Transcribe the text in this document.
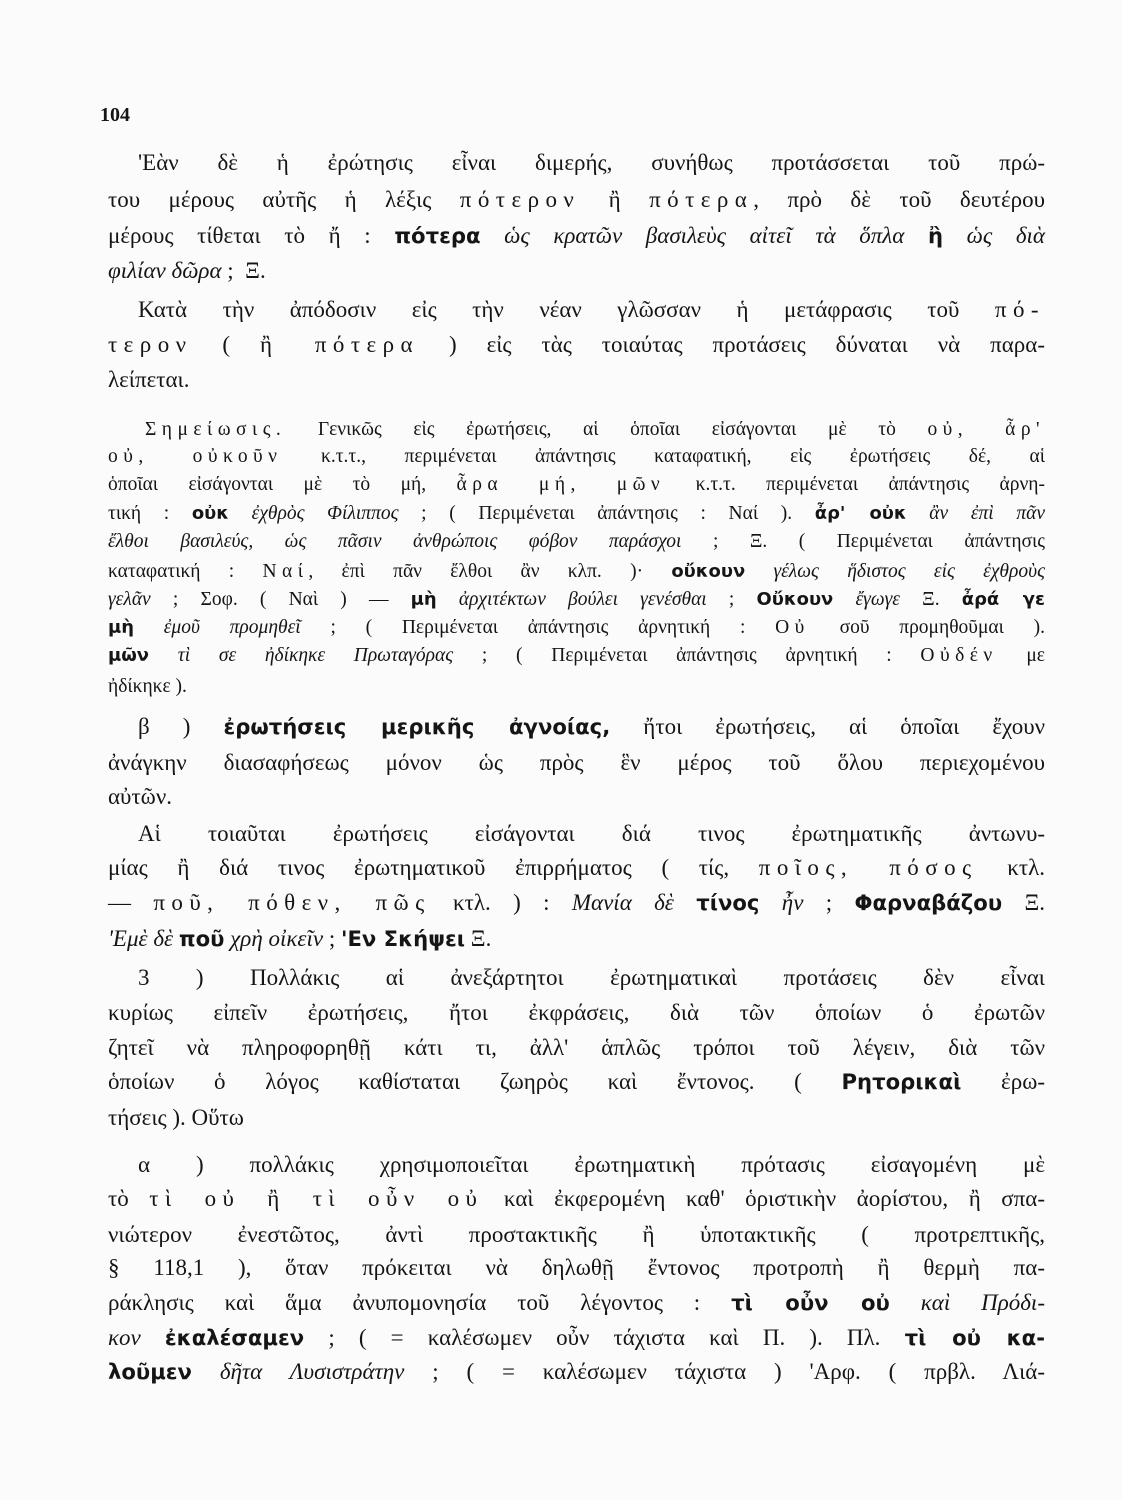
104
'Εὰν δὲ ἡ ἐρώτησις εἶναι διμερής, συνήθως προτάσσεται τοῦ πρώ-
του μέρους αὐτῆς ἡ λέξις πότερον ἢ πότερα, πρὸ δὲ τοῦ δευτέρου
μέρους τίθεται τὸ ἤ : πότερα ὡς κρατῶν βασιλεὺς αἰτεῖ τὰ ὅπλα ἢ ὡς διὰ
φιλίαν δῶρα ;  Ξ.
Κατὰ τὴν ἀπόδοσιν εἰς τὴν νέαν γλῶσσαν ἡ μετάφρασις τοῦ πό-
τερον ( ἢ πότερα ) εἰς τὰς τοιαύτας προτάσεις δύναται νὰ παρα-
λείπεται.
Σημείωσις. Γενικῶς εἰς ἐρωτήσεις, αἱ ὁποῖαι εἰσάγονται μὲ τὸ οὐ, ἆρ'
οὐ, οὐκοῦν κ.τ.τ., περιμένεται ἀπάντησις καταφατική, εἰς ἐρωτήσεις δέ, αἱ
ὁποῖαι εἰσάγονται μὲ τὸ μή, ἆρα μή, μῶν κ.τ.τ. περιμένεται ἀπάντησις ἀρνη-
τική : οὐκ ἐχθρὸς Φίλιππος ; ( Περιμένεται ἀπάντησις : Ναί ). ἆρ' οὐκ ἂν ἐπὶ πᾶν
ἔλθοι βασιλεύς, ὡς πᾶσιν ἀνθρώποις φόβον παράσχοι ; Ξ. ( Περιμένεται ἀπάντησις
καταφατική : Ναί, ἐπὶ πᾶν ἔλθοι ἂν κλπ. )· οὔκουν γέλως ἥδιστος εἰς ἐχθροὺς
γελᾶν ; Σοφ. ( Ναὶ ) — μὴ ἀρχιτέκτων βούλει γενέσθαι ; Οὔκουν ἔγωγε Ξ. ἆρά γε
μὴ ἐμοῦ προμηθεῖ ; ( Περιμένεται ἀπάντησις ἀρνητική : Οὐ σοῦ προμηθοῦμαι ).
μῶν τὶ σε ἠδίκηκε Πρωταγόρας ; ( Περιμένεται ἀπάντησις ἀρνητική : Οὐδέν με
ἠδίκηκε ).
β ) ἐρωτήσεις μερικῆς ἀγνοίας, ἤτοι ἐρωτήσεις, αἱ ὁποῖαι ἔχουν
ἀνάγκην διασαφήσεως μόνον ὡς πρὸς ἓν μέρος τοῦ ὅλου περιεχομένου
αὐτῶν.
Αἱ τοιαῦται ἐρωτήσεις εἰσάγονται διά τινος ἐρωτηματικῆς ἀντωνυ-
μίας ἢ διά τινος ἐρωτηματικοῦ ἐπιρρήματος ( τίς, ποῖος, πόσος κτλ.
— ποῦ, πόθεν, πῶς κτλ. ) : Μανία δὲ τίνος ἦν ; Φαρναβάζου Ξ.
'Εμὲ δὲ ποῦ χρὴ οἰκεῖν ; 'Εν Σκήψει Ξ.
3 ) Πολλάκις αἱ ἀνεξάρτητοι ἐρωτηματικαὶ προτάσεις δὲν εἶναι
κυρίως εἰπεῖν ἐρωτήσεις, ἤτοι ἐκφράσεις, διὰ τῶν ὁποίων ὁ ἐρωτῶν
ζητεῖ νὰ πληροφορηθῇ κάτι τι, ἀλλ' ἁπλῶς τρόποι τοῦ λέγειν, διὰ τῶν
ὁποίων ὁ λόγος καθίσταται ζωηρὸς καὶ ἔντονος. ( Ρητορικαὶ ἐρω-
τήσεις ). Οὕτω
α ) πολλάκις χρησιμοποιεῖται ἐρωτηματικὴ πρότασις εἰσαγομένη μὲ
τὸ τὶ οὐ ἢ τὶ οὖν οὐ καὶ ἐκφερομένη καθ' ὁριστικὴν ἀορίστου, ἢ σπα-
νιώτερον ἐνεστῶτος, ἀντὶ προστακτικῆς ἢ ὑποτακτικῆς ( προτρεπτικῆς,
§ 118,1 ), ὅταν πρόκειται νὰ δηλωθῇ ἔντονος προτροπὴ ἢ θερμὴ πα-
ράκλησις καὶ ἅμα ἀνυπομονησία τοῦ λέγοντος : τὶ οὖν οὐ καὶ Πρόδι-
κον ἐκαλέσαμεν ; ( = καλέσωμεν οὖν τάχιστα καὶ Π. ). Πλ. τὶ οὐ κα-
λοῦμεν δῆτα Λυσιστράτην ; ( = καλέσωμεν τάχιστα ) 'Αρφ. ( πρβλ. Λιά-
